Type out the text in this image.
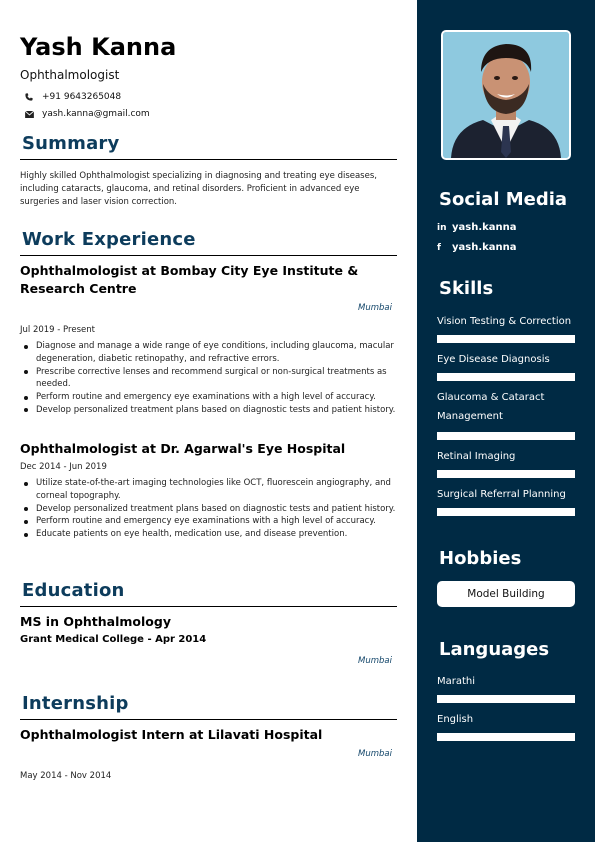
Yash Kanna
Ophthalmologist
+91 9643265048
yash.kanna@gmail.com
Summary
Highly skilled Ophthalmologist specializing in diagnosing and treating eye diseases, including cataracts, glaucoma, and retinal disorders. Proficient in advanced eye surgeries and laser vision correction.
Work Experience
Ophthalmologist at Bombay City Eye Institute & Research Centre
Mumbai
Jul 2019 - Present
Diagnose and manage a wide range of eye conditions, including glaucoma, macular degeneration, diabetic retinopathy, and refractive errors.
Prescribe corrective lenses and recommend surgical or non-surgical treatments as needed.
Perform routine and emergency eye examinations with a high level of accuracy.
Develop personalized treatment plans based on diagnostic tests and patient history.
Ophthalmologist at Dr. Agarwal's Eye Hospital
Dec 2014 - Jun 2019
Utilize state-of-the-art imaging technologies like OCT, fluorescein angiography, and corneal topography.
Develop personalized treatment plans based on diagnostic tests and patient history.
Perform routine and emergency eye examinations with a high level of accuracy.
Educate patients on eye health, medication use, and disease prevention.
Education
MS in Ophthalmology
Grant Medical College - Apr 2014
Mumbai
Internship
Ophthalmologist Intern at Lilavati Hospital
Mumbai
May 2014 - Nov 2014
Social Media
in yash.kanna
f	yash.kanna
Skills
Vision Testing & Correction
Eye Disease Diagnosis
Glaucoma & Cataract Management
Retinal Imaging
Surgical Referral Planning
Hobbies
Model Building
Languages
Marathi
English
